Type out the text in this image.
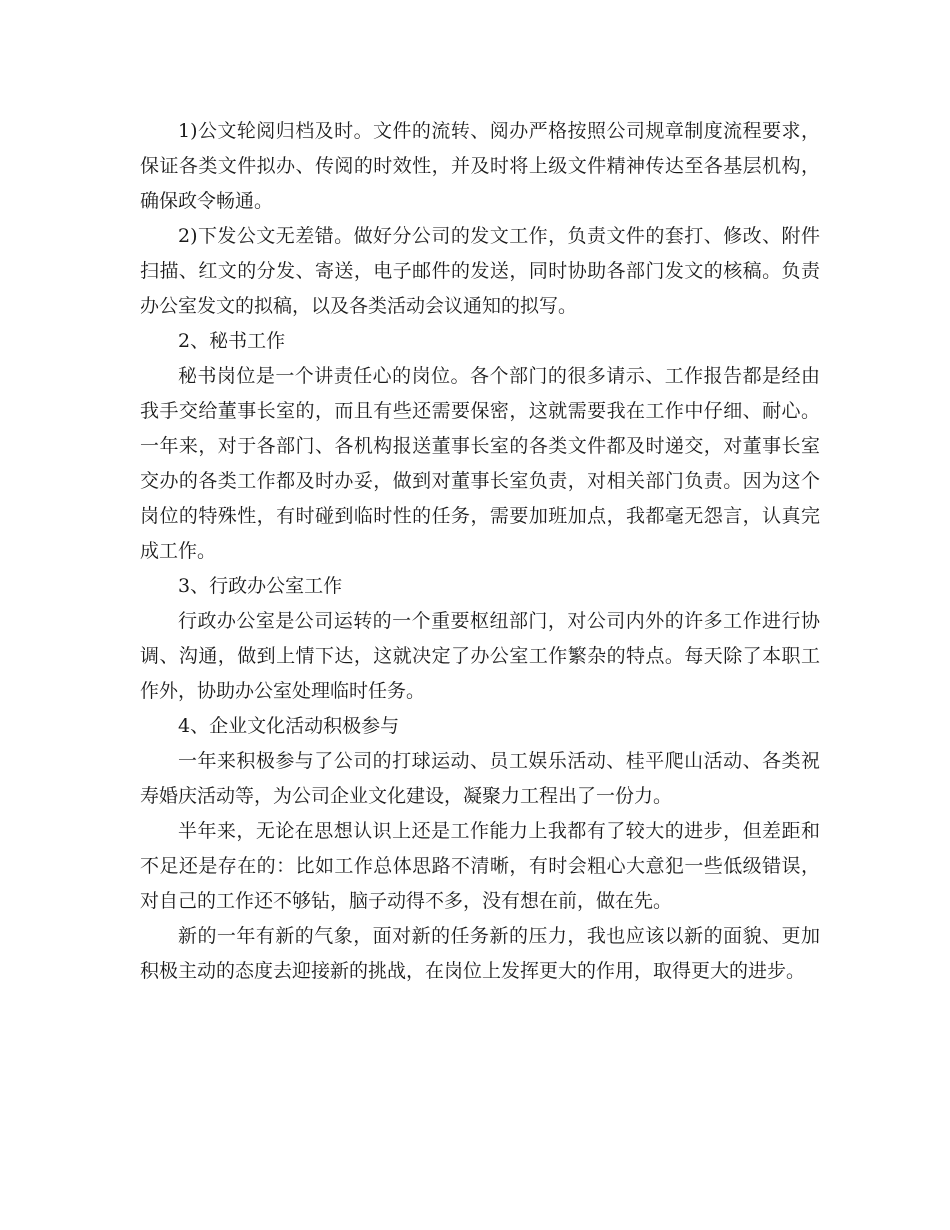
1)公文轮阅归档及时。文件的流转、阅办严格按照公司规章制度流程要求，保证各类文件拟办、传阅的时效性，并及时将上级文件精神传达至各基层机构，确保政令畅通。

2)下发公文无差错。做好分公司的发文工作，负责文件的套打、修改、附件扫描、红文的分发、寄送，电子邮件的发送，同时协助各部门发文的核稿。负责办公室发文的拟稿，以及各类活动会议通知的拟写。

2、秘书工作

秘书岗位是一个讲责任心的岗位。各个部门的很多请示、工作报告都是经由我手交给董事长室的，而且有些还需要保密，这就需要我在工作中仔细、耐心。一年来，对于各部门、各机构报送董事长室的各类文件都及时递交，对董事长室交办的各类工作都及时办妥，做到对董事长室负责，对相关部门负责。因为这个岗位的特殊性，有时碰到临时性的任务，需要加班加点，我都毫无怨言，认真完成工作。

3、行政办公室工作

行政办公室是公司运转的一个重要枢纽部门，对公司内外的许多工作进行协调、沟通，做到上情下达，这就决定了办公室工作繁杂的特点。每天除了本职工作外，协助办公室处理临时任务。

4、企业文化活动积极参与

一年来积极参与了公司的打球运动、员工娱乐活动、桂平爬山活动、各类祝寿婚庆活动等，为公司企业文化建设，凝聚力工程出了一份力。

半年来，无论在思想认识上还是工作能力上我都有了较大的进步，但差距和不足还是存在的：比如工作总体思路不清晰，有时会粗心大意犯一些低级错误，对自己的工作还不够钻，脑子动得不多，没有想在前，做在先。

新的一年有新的气象，面对新的任务新的压力，我也应该以新的面貌、更加积极主动的态度去迎接新的挑战，在岗位上发挥更大的作用，取得更大的进步。
